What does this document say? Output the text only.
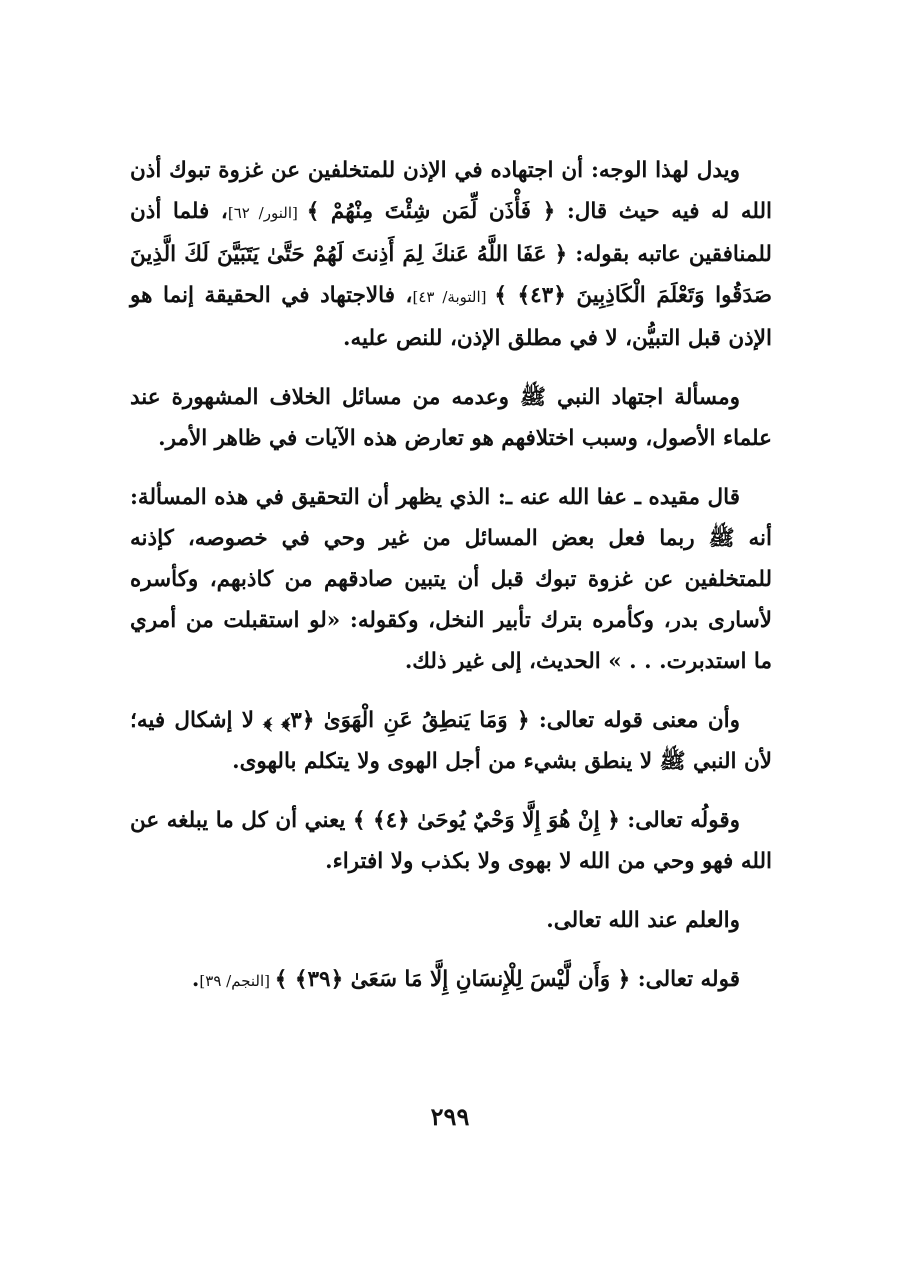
ويدل لهذا الوجه: أن اجتهاده في الإذن للمتخلفين عن غزوة تبوك أذن الله له فيه حيث قال: ﴿ فَأْذَن لِّمَن شِئْتَ مِنْهُمْ ﴾ [النور/ ٦٢]، فلما أذن للمنافقين عاتبه بقوله: ﴿ عَفَا اللَّهُ عَنكَ لِمَ أَذِنتَ لَهُمْ حَتَّىٰ يَتَبَيَّنَ لَكَ الَّذِينَ صَدَقُوا وَتَعْلَمَ الْكَاذِبِينَ ﴿٤٣﴾ ﴾ [التوبة/ ٤٣]، فالاجتهاد في الحقيقة إنما هو الإذن قبل التبيُّن، لا في مطلق الإذن، للنص عليه.

ومسألة اجتهاد النبي ﷺ وعدمه من مسائل الخلاف المشهورة عند علماء الأصول، وسبب اختلافهم هو تعارض هذه الآيات في ظاهر الأمر.

قال مقيده ـ عفا الله عنه ـ: الذي يظهر أن التحقيق في هذه المسألة: أنه ﷺ ربما فعل بعض المسائل من غير وحي في خصوصه، كإذنه للمتخلفين عن غزوة تبوك قبل أن يتبين صادقهم من كاذبهم، وكأسره لأسارى بدر، وكأمره بترك تأبير النخل، وكقوله: «لو استقبلت من أمري ما استدبرت. . . » الحديث، إلى غير ذلك.

وأن معنى قوله تعالى: ﴿ وَمَا يَنطِقُ عَنِ الْهَوَىٰ ﴿٣﴾ ﴾ لا إشكال فيه؛ لأن النبي ﷺ لا ينطق بشيء من أجل الهوى ولا يتكلم بالهوى.

وقولُه تعالى: ﴿ إِنْ هُوَ إِلَّا وَحْيٌ يُوحَىٰ ﴿٤﴾ ﴾ يعني أن كل ما يبلغه عن الله فهو وحي من الله لا بهوى ولا بكذب ولا افتراء.

والعلم عند الله تعالى.

قوله تعالى: ﴿ وَأَن لَّيْسَ لِلْإِنسَانِ إِلَّا مَا سَعَىٰ ﴿٣٩﴾ ﴾ [النجم/ ٣٩].

٢٩٩
